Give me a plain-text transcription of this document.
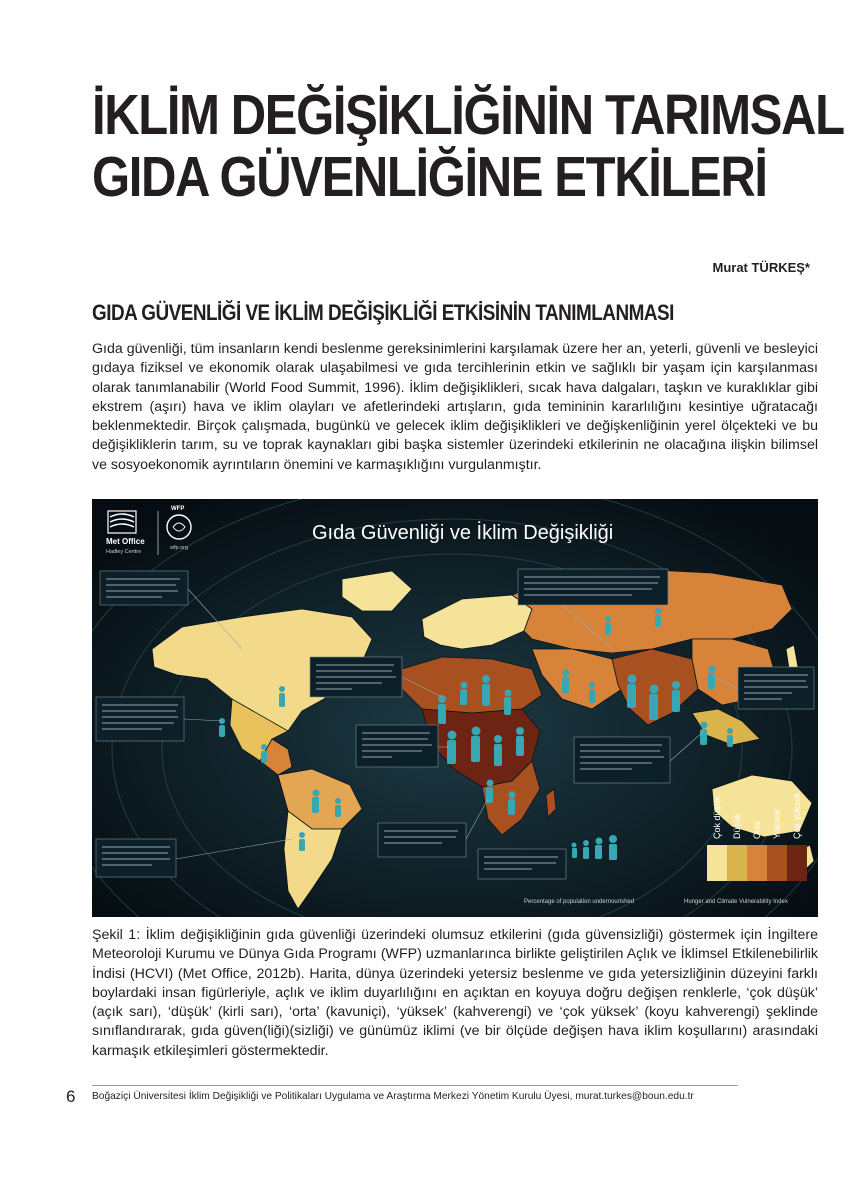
İKLİM DEĞİŞİKLİĞİNİN TARIMSAL
GIDA GÜVENLİĞİNE ETKİLERİ
Murat TÜRKEŞ*
GIDA GÜVENLİĞİ VE İKLİM DEĞİŞİKLİĞİ ETKİSİNİN TANIMLANMASI

Gıda güvenliği, tüm insanların kendi beslenme gereksinimlerini karşılamak üzere her an, yeterli, güvenli ve besleyici gıdaya fiziksel ve ekonomik olarak ulaşabilmesi ve gıda tercihlerinin etkin ve sağlıklı bir yaşam için karşılanması olarak tanımlanabilir (World Food Summit, 1996). İklim değişiklikleri, sıcak hava dalgaları, taşkın ve kuraklıklar gibi ekstrem (aşırı) hava ve iklim olayları ve afetlerindeki artışların, gıda temininin kararlılığını kesintiye uğratacağı beklenmektedir. Birçok çalışmada, bugünkü ve gelecek iklim değişiklikleri ve değişkenliğinin yerel ölçekteki ve bu değişikliklerin tarım, su ve toprak kaynakları gibi başka sistemler üzerindeki etkilerinin ne olacağına ilişkin bilimsel ve sosyoekonomik ayrıntıların önemini ve karmaşıklığını vurgulanmıştır.

Met Office
Hadley Centre
WFP
wfp.org
Gıda Güvenliği ve İklim Değişikliği
Çok düşük Düşük Orta Yüksek Çok yüksek
Percentage of population undernourished	Hunger and Climate Vulnerability Index

Şekil 1: İklim değişikliğinin gıda güvenliği üzerindeki olumsuz etkilerini (gıda güvensizliği) göstermek için İngiltere Meteoroloji Kurumu ve Dünya Gıda Programı (WFP) uzmanlarınca birlikte geliştirilen Açlık ve İklimsel Etkilenebilirlik İndisi (HCVI) (Met Office, 2012b). Harita, dünya üzerindeki yetersiz beslenme ve gıda yetersizliğinin düzeyini farklı boylardaki insan figürleriyle, açlık ve iklim duyarlılığını en açıktan en koyuya doğru değişen renklerle, ‘çok düşük’ (açık sarı), ‘düşük’ (kirli sarı), ‘orta’ (kavuniçi), ‘yüksek’ (kahverengi) ve ‘çok yüksek’ (koyu kahverengi) şeklinde sınıflandırarak, gıda güven(liği)(sizliği) ve günümüz iklimi (ve bir ölçüde değişen hava iklim koşullarını) arasındaki karmaşık etkileşimleri göstermektedir.

6 Boğaziçi Üniversitesi İklim Değişikliği ve Politikaları Uygulama ve Araştırma Merkezi Yönetim Kurulu Üyesi, murat.turkes@boun.edu.tr
